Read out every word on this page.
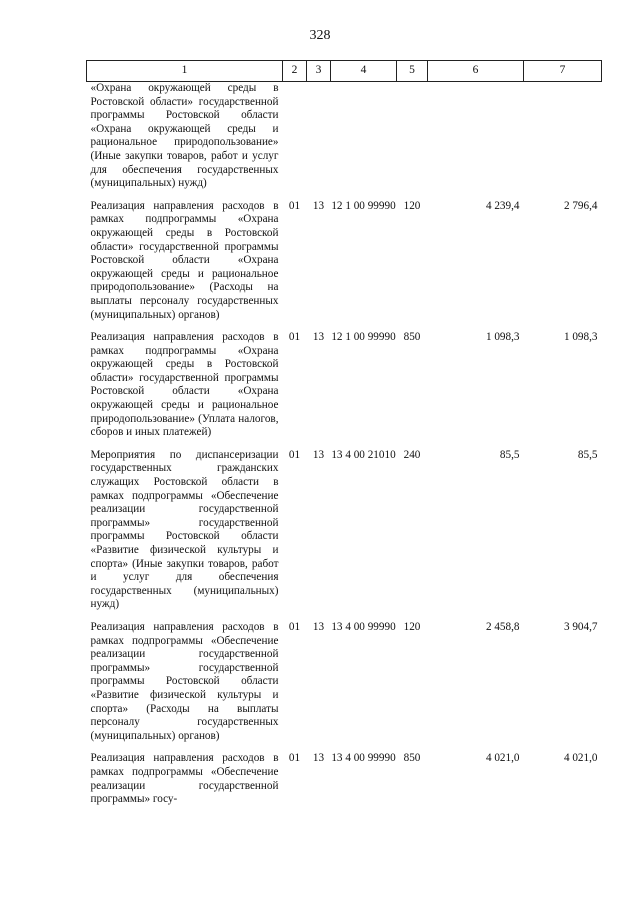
328
1	2	3	4	5	6	7
«Охрана окружающей среды в Ростовской области» государственной программы Ростовской области «Охрана окружающей среды и рациональное природопользование» (Иные закупки товаров, работ и услуг для обеспечения государственных (муниципальных) нужд)						
Реализация направления расходов в рамках подпрограммы «Охрана окружающей среды в Ростовской области» государственной программы Ростовской области «Охрана окружающей среды и рациональное природопользование» (Расходы на выплаты персоналу государственных (муниципальных) органов)	01	13	12 1 00 99990	120	4 239,4	2 796,4
Реализация направления расходов в рамках подпрограммы «Охрана окружающей среды в Ростовской области» государственной программы Ростовской области «Охрана окружающей среды и рациональное природопользование» (Уплата налогов, сборов и иных платежей)	01	13	12 1 00 99990	850	1 098,3	1 098,3
Мероприятия по диспансеризации государственных гражданских служащих Ростовской области в рамках подпрограммы «Обеспечение реализации государственной программы» государственной программы Ростовской области «Развитие физической культуры и спорта» (Иные закупки товаров, работ и услуг для обеспечения государственных (муниципальных) нужд)	01	13	13 4 00 21010	240	85,5	85,5
Реализация направления расходов в рамках подпрограммы «Обеспечение реализации государственной программы» государственной программы Ростовской области «Развитие физической культуры и спорта» (Расходы на выплаты персоналу государственных (муниципальных) органов)	01	13	13 4 00 99990	120	2 458,8	3 904,7
Реализация направления расходов в рамках подпрограммы «Обеспечение реализации государственной программы» госу-	01	13	13 4 00 99990	850	4 021,0	4 021,0
